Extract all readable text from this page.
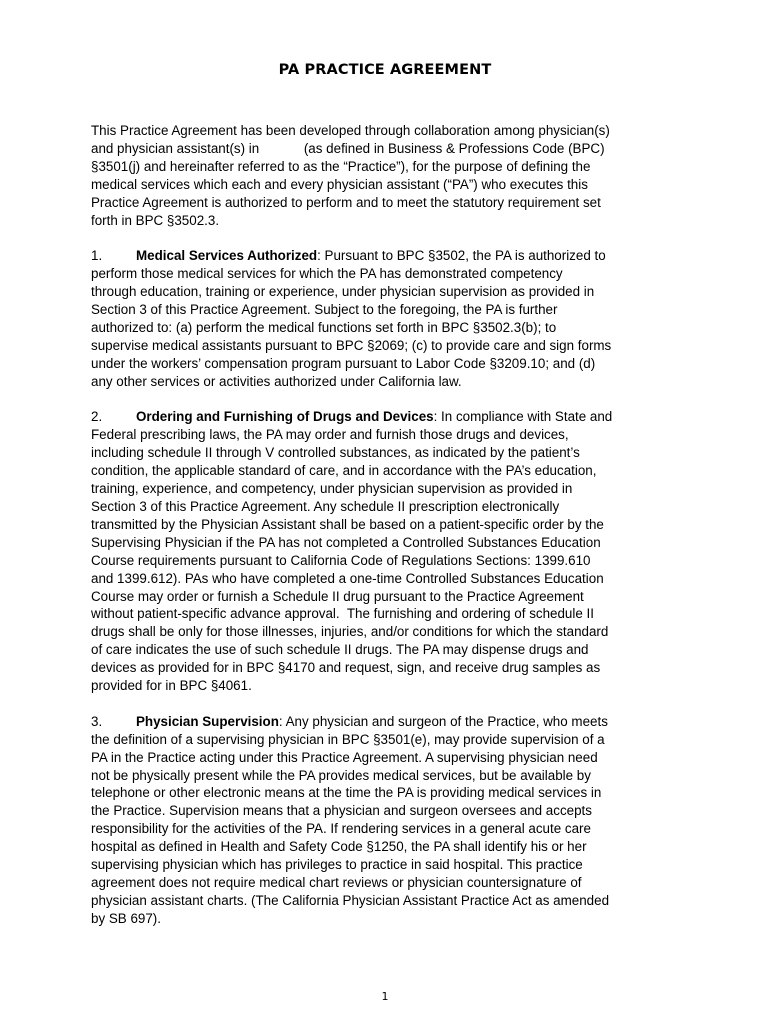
PA PRACTICE AGREEMENT
This Practice Agreement has been developed through collaboration among physician(s)
and physician assistant(s) in            (as defined in Business & Professions Code (BPC)
§3501(j) and hereinafter referred to as the “Practice”), for the purpose of defining the
medical services which each and every physician assistant (“PA”) who executes this
Practice Agreement is authorized to perform and to meet the statutory requirement set
forth in BPC §3502.3.
1.	Medical Services Authorized: Pursuant to BPC §3502, the PA is authorized to
perform those medical services for which the PA has demonstrated competency
through education, training or experience, under physician supervision as provided in
Section 3 of this Practice Agreement. Subject to the foregoing, the PA is further
authorized to: (a) perform the medical functions set forth in BPC §3502.3(b); to
supervise medical assistants pursuant to BPC §2069; (c) to provide care and sign forms
under the workers’ compensation program pursuant to Labor Code §3209.10; and (d)
any other services or activities authorized under California law.
2.	Ordering and Furnishing of Drugs and Devices: In compliance with State and
Federal prescribing laws, the PA may order and furnish those drugs and devices,
including schedule II through V controlled substances, as indicated by the patient’s
condition, the applicable standard of care, and in accordance with the PA’s education,
training, experience, and competency, under physician supervision as provided in
Section 3 of this Practice Agreement. Any schedule II prescription electronically
transmitted by the Physician Assistant shall be based on a patient-specific order by the
Supervising Physician if the PA has not completed a Controlled Substances Education
Course requirements pursuant to California Code of Regulations Sections: 1399.610
and 1399.612). PAs who have completed a one-time Controlled Substances Education
Course may order or furnish a Schedule II drug pursuant to the Practice Agreement
without patient-specific advance approval.  The furnishing and ordering of schedule II
drugs shall be only for those illnesses, injuries, and/or conditions for which the standard
of care indicates the use of such schedule II drugs. The PA may dispense drugs and
devices as provided for in BPC §4170 and request, sign, and receive drug samples as
provided for in BPC §4061.
3.	Physician Supervision: Any physician and surgeon of the Practice, who meets
the definition of a supervising physician in BPC §3501(e), may provide supervision of a
PA in the Practice acting under this Practice Agreement. A supervising physician need
not be physically present while the PA provides medical services, but be available by
telephone or other electronic means at the time the PA is providing medical services in
the Practice. Supervision means that a physician and surgeon oversees and accepts
responsibility for the activities of the PA. If rendering services in a general acute care
hospital as defined in Health and Safety Code §1250, the PA shall identify his or her
supervising physician which has privileges to practice in said hospital. This practice
agreement does not require medical chart reviews or physician countersignature of
physician assistant charts. (The California Physician Assistant Practice Act as amended
by SB 697).
1
